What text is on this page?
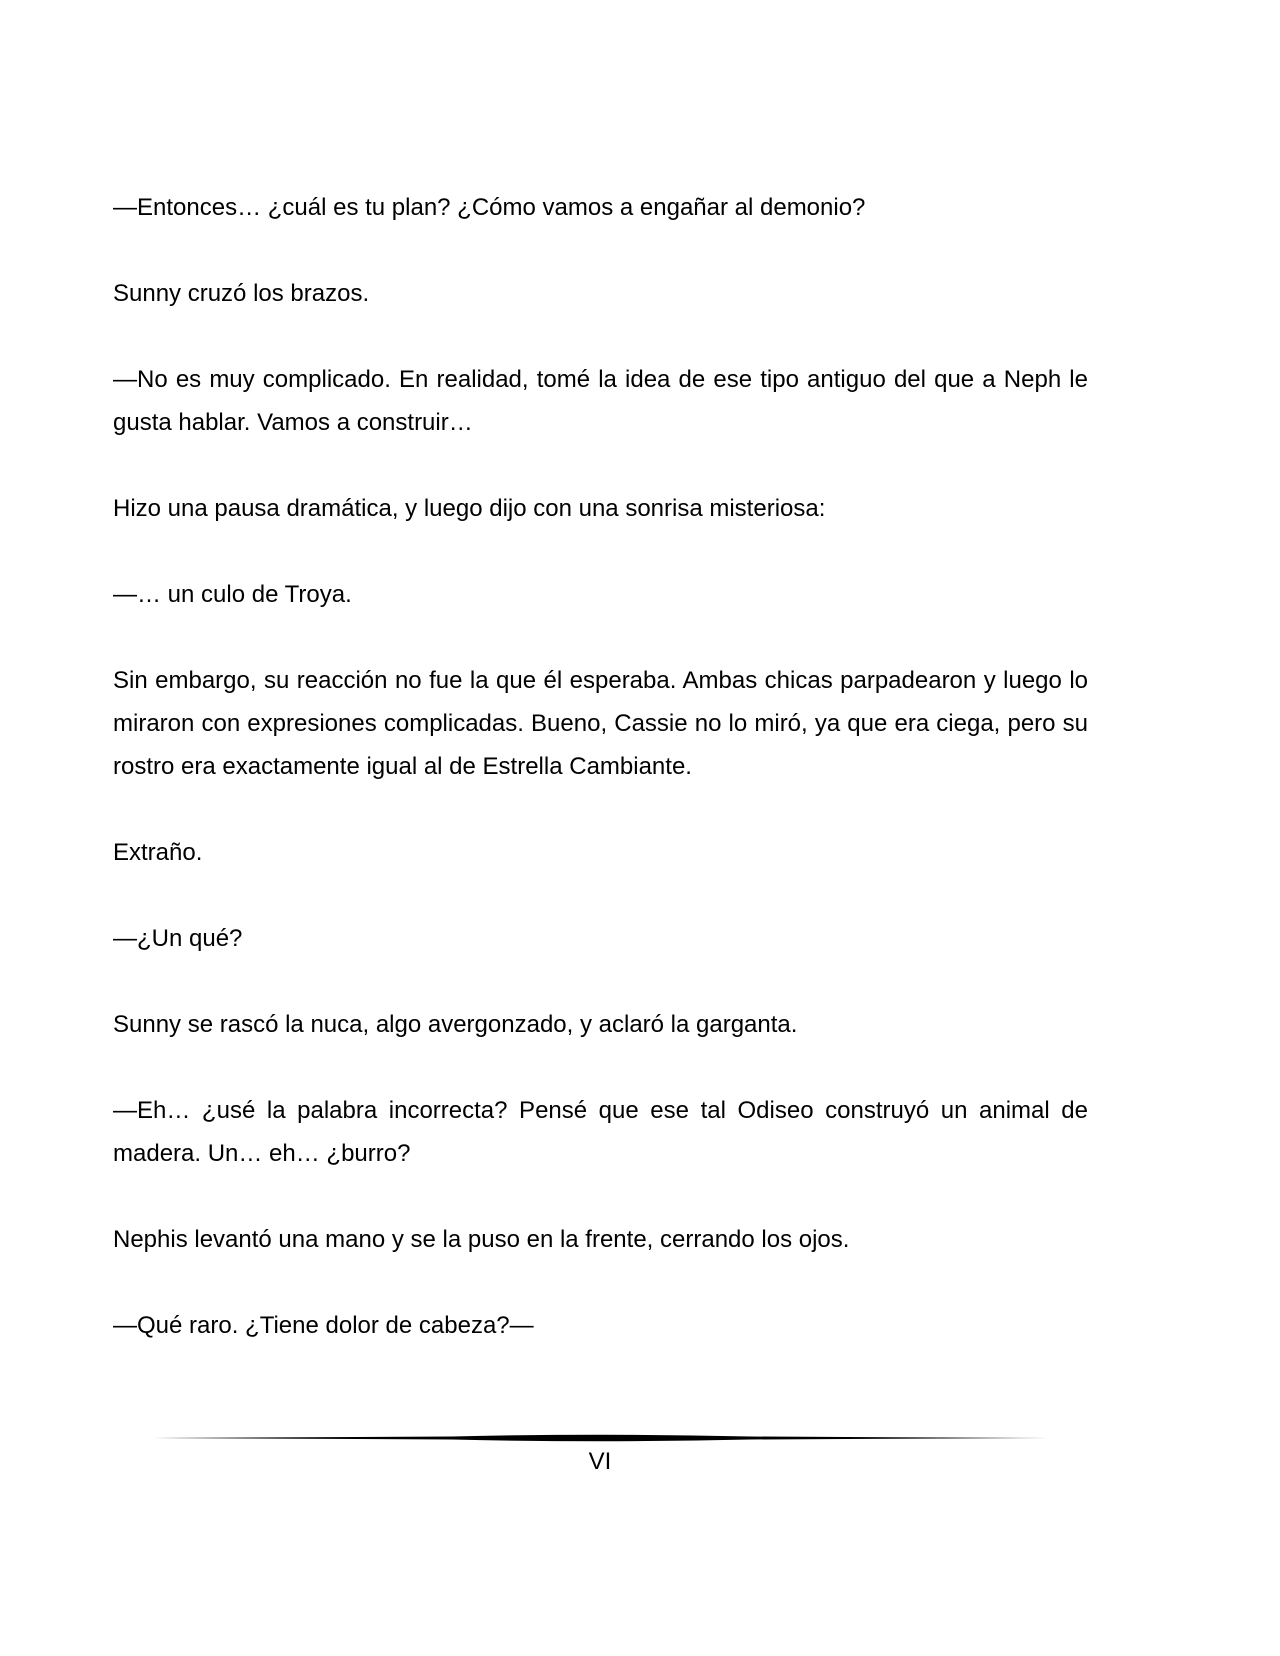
—Entonces… ¿cuál es tu plan? ¿Cómo vamos a engañar al demonio?

Sunny cruzó los brazos.

—No es muy complicado. En realidad, tomé la idea de ese tipo antiguo del que a Neph le gusta hablar. Vamos a construir…

Hizo una pausa dramática, y luego dijo con una sonrisa misteriosa:

—… un culo de Troya.

Sin embargo, su reacción no fue la que él esperaba. Ambas chicas parpadearon y luego lo miraron con expresiones complicadas. Bueno, Cassie no lo miró, ya que era ciega, pero su rostro era exactamente igual al de Estrella Cambiante.

Extraño.

—¿Un qué?

Sunny se rascó la nuca, algo avergonzado, y aclaró la garganta.

—Eh… ¿usé la palabra incorrecta? Pensé que ese tal Odiseo construyó un animal de madera. Un… eh… ¿burro?

Nephis levantó una mano y se la puso en la frente, cerrando los ojos.

—Qué raro. ¿Tiene dolor de cabeza?—

VI
